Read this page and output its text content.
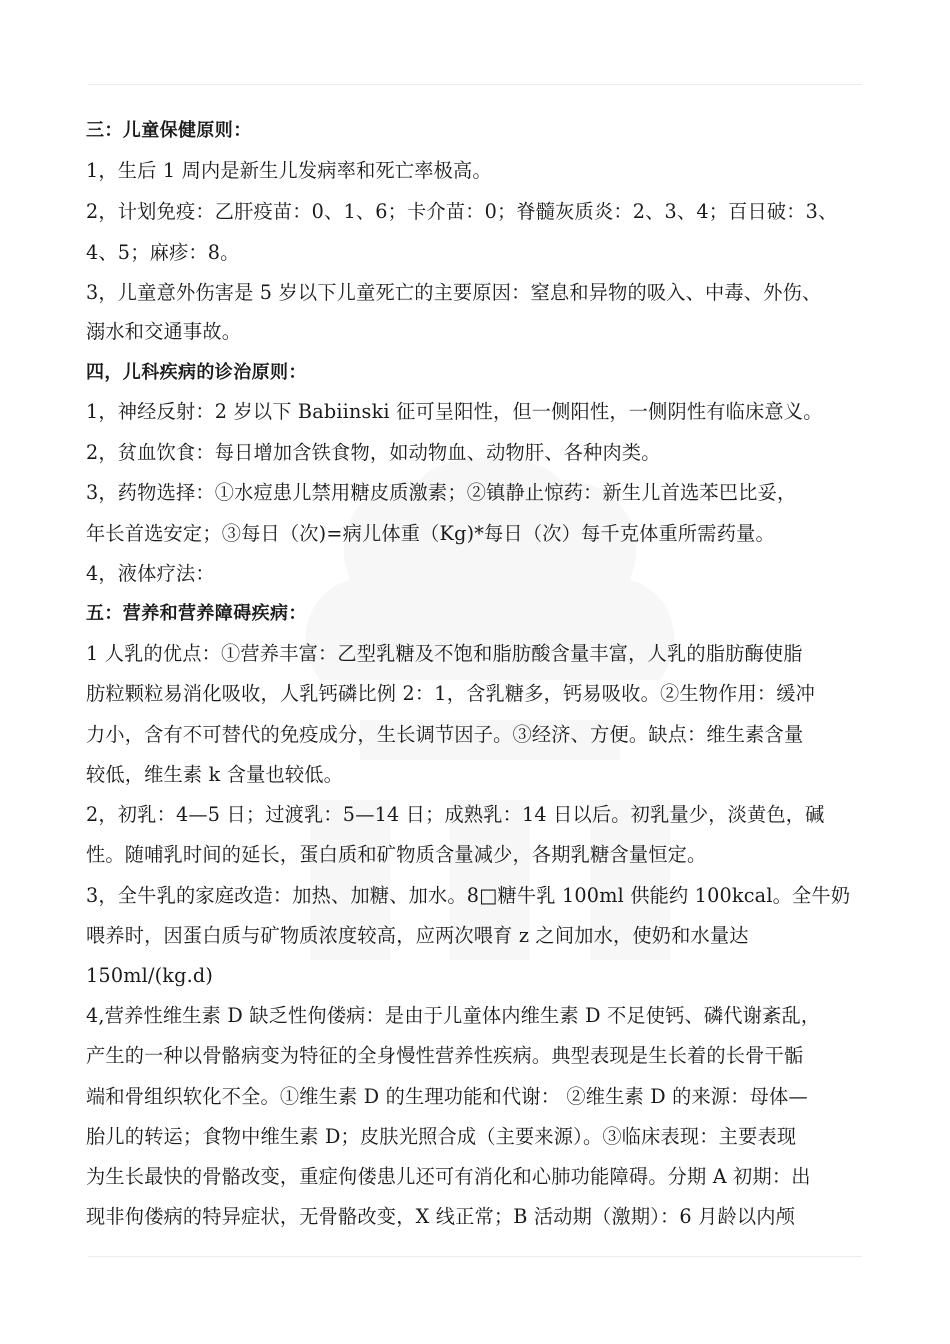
三：儿童保健原则：
1，生后 1 周内是新生儿发病率和死亡率极高。
2，计划免疫：乙肝疫苗：0、1、6；卡介苗：0；脊髓灰质炎：2、3、4；百日破：3、
4、5；麻疹：8。
3，儿童意外伤害是 5 岁以下儿童死亡的主要原因：窒息和异物的吸入、中毒、外伤、
溺水和交通事故。
四，儿科疾病的诊治原则：
1，神经反射：2 岁以下 Babiinski 征可呈阳性，但一侧阳性，一侧阴性有临床意义。
2，贫血饮食：每日增加含铁食物，如动物血、动物肝、各种肉类。
3，药物选择：①水痘患儿禁用糖皮质激素；②镇静止惊药：新生儿首选苯巴比妥，
年长首选安定；③每日（次)=病儿体重（Kg)*每日（次）每千克体重所需药量。
4，液体疗法：
五：营养和营养障碍疾病：
1 人乳的优点：①营养丰富：乙型乳糖及不饱和脂肪酸含量丰富，人乳的脂肪酶使脂
肪粒颗粒易消化吸收，人乳钙磷比例 2：1，含乳糖多，钙易吸收。②生物作用：缓冲
力小，含有不可替代的免疫成分，生长调节因子。③经济、方便。缺点：维生素含量
较低，维生素 k 含量也较低。
2，初乳：4—5 日；过渡乳：5—14 日；成熟乳：14 日以后。初乳量少，淡黄色，碱
性。随哺乳时间的延长，蛋白质和矿物质含量减少，各期乳糖含量恒定。
3，全牛乳的家庭改造：加热、加糖、加水。8□糖牛乳 100ml 供能约 100kcal。全牛奶
喂养时，因蛋白质与矿物质浓度较高，应两次喂育 z 之间加水，使奶和水量达
150ml/(kg.d)
4,营养性维生素 D 缺乏性佝偻病：是由于儿童体内维生素 D 不足使钙、磷代谢紊乱，
产生的一种以骨骼病变为特征的全身慢性营养性疾病。典型表现是生长着的长骨干骺
端和骨组织软化不全。①维生素 D 的生理功能和代谢： ②维生素 D 的来源：母体—
胎儿的转运；食物中维生素 D；皮肤光照合成（主要来源）。③临床表现：主要表现
为生长最快的骨骼改变，重症佝偻患儿还可有消化和心肺功能障碍。分期 A 初期：出
现非佝偻病的特异症状，无骨骼改变，X 线正常；B 活动期（激期）：6 月龄以内颅
